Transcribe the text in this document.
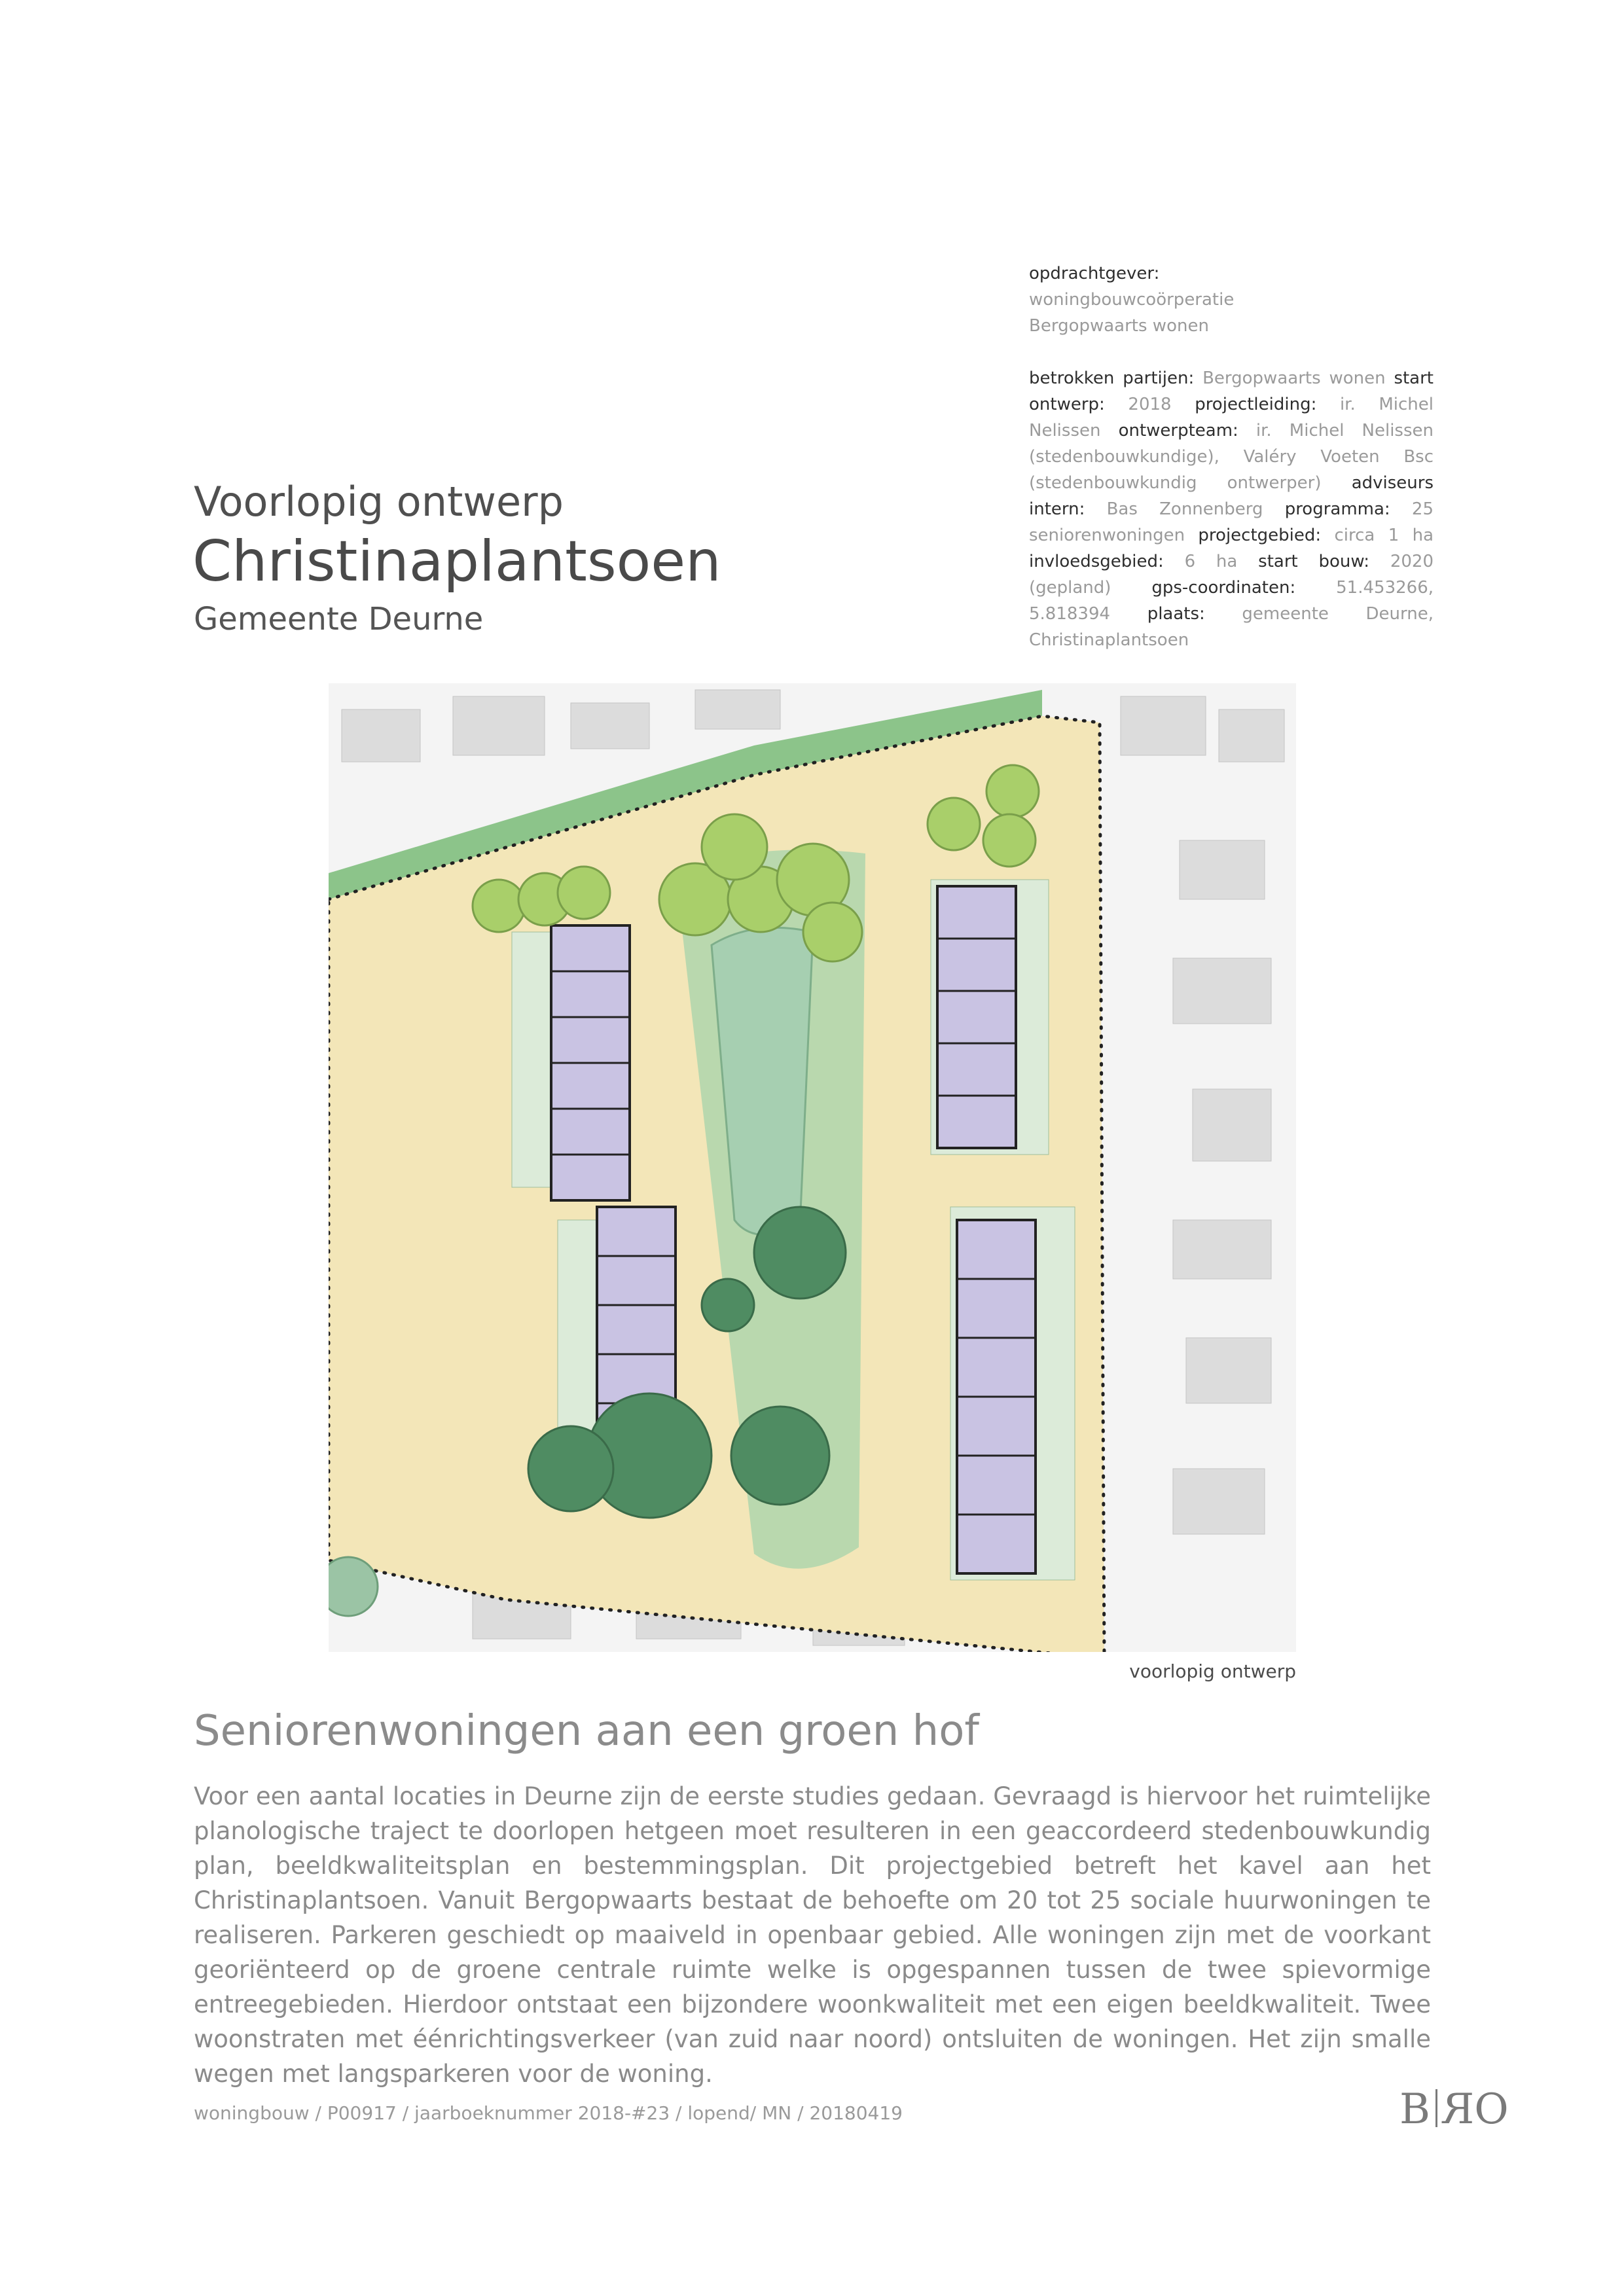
opdrachtgever:
woningbouwcoörperatie
Bergopwaarts wonen

betrokken partijen: Bergopwaarts wonen start ontwerp: 2018 projectleiding: ir. Michel Nelissen ontwerpteam: ir. Michel Nelissen (stedenbouwkundige), Valéry Voeten Bsc (stedenbouwkundig ontwerper) adviseurs intern: Bas Zonnenberg programma: 25 seniorenwoningen projectgebied: circa 1 ha invloedsgebied: 6 ha start bouw: 2020 (gepland) gps-coordinaten: 51.453266, 5.818394 plaats: gemeente Deurne, Christinaplantsoen

Voorlopig ontwerp
Christinaplantsoen
Gemeente Deurne
voorlopig ontwerp
Seniorenwoningen aan een groen hof

Voor een aantal locaties in Deurne zijn de eerste studies gedaan. Gevraagd is hiervoor het ruimtelijke planologische traject te doorlopen hetgeen moet resulteren in een geaccordeerd stedenbouwkundig plan, beeldkwaliteitsplan en bestemmingsplan. Dit projectgebied betreft het kavel aan het Christinaplantsoen. Vanuit Bergopwaarts bestaat de behoefte om 20 tot 25 sociale huurwoningen te realiseren. Parkeren geschiedt op maaiveld in openbaar gebied. Alle woningen zijn met de voorkant georiënteerd op de groene centrale ruimte welke is opgespannen tussen de twee spievormige entreegebieden. Hierdoor ontstaat een bijzondere woonkwaliteit met een eigen beeldkwaliteit. Twee woonstraten met éénrichtingsverkeer (van zuid naar noord) ontsluiten de woningen. Het zijn smalle wegen met langsparkeren voor de woning.

woningbouw / P00917 / jaarboeknummer 2018-#23 / lopend/ MN / 20180419	B RO
